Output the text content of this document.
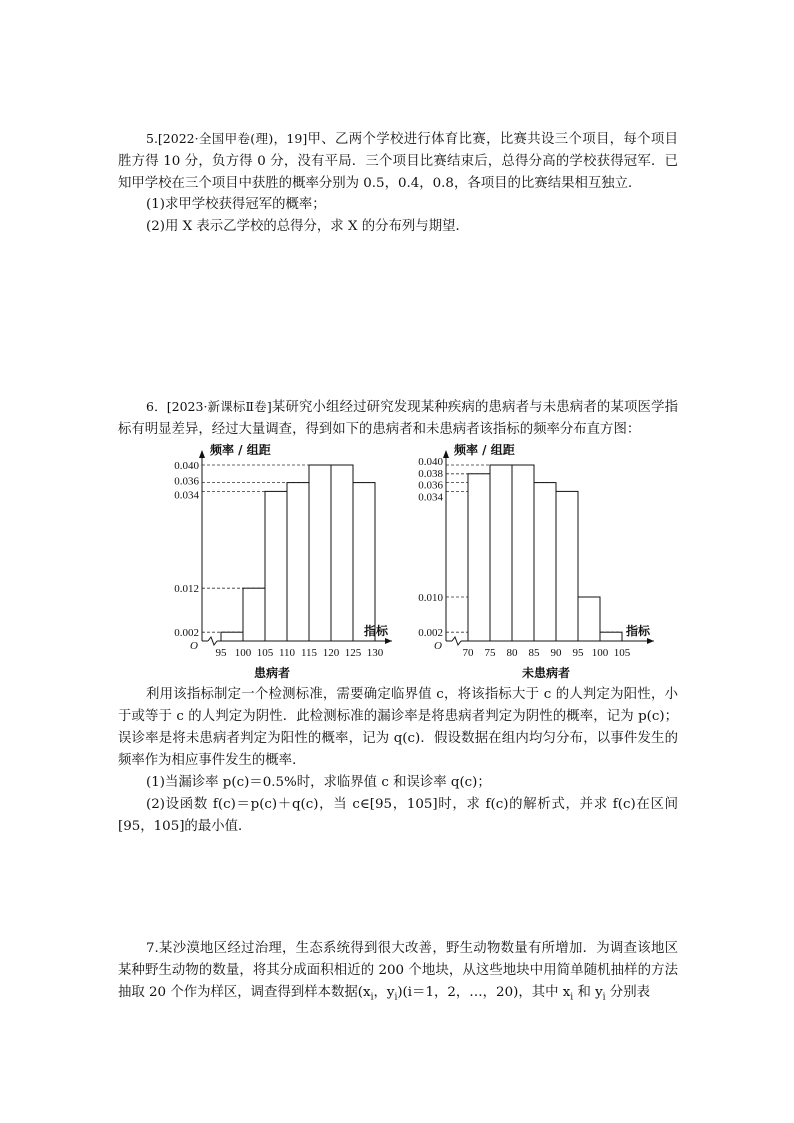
5.[2022·全国甲卷(理)，19]甲、乙两个学校进行体育比赛，比赛共设三个项目，每个项目胜方得 10 分，负方得 0 分，没有平局．三个项目比赛结束后，总得分高的学校获得冠军．已知甲学校在三个项目中获胜的概率分别为 0.5，0.4，0.8，各项目的比赛结果相互独立．

(1)求甲学校获得冠军的概率；

(2)用 X 表示乙学校的总得分，求 X 的分布列与期望．

6．[2023·新课标Ⅱ卷]某研究小组经过研究发现某种疾病的患病者与未患病者的某项医学指标有明显差异，经过大量调查，得到如下的患病者和未患病者该指标的频率分布直方图：

0.002
0.012
0.034
0.036
0.040
95 100 105 110 115 120 125 130
O
频率 / 组距
指标
患病者
0.002
0.010
0.034
0.036
0.038
0.040
70 75 80 85 90 95 100 105
O
频率 / 组距
指标
未患病者

利用该指标制定一个检测标准，需要确定临界值 c，将该指标大于 c 的人判定为阳性，小于或等于 c 的人判定为阴性．此检测标准的漏诊率是将患病者判定为阴性的概率，记为 p(c)；误诊率是将未患病者判定为阳性的概率，记为 q(c)．假设数据在组内均匀分布，以事件发生的频率作为相应事件发生的概率．

(1)当漏诊率 p(c)＝0.5%时，求临界值 c 和误诊率 q(c)；

(2)设函数 f(c)＝p(c)＋q(c)，当 c∈[95，105]时，求 f(c)的解析式，并求 f(c)在区间[95，105]的最小值．

7.某沙漠地区经过治理，生态系统得到很大改善，野生动物数量有所增加．为调查该地区某种野生动物的数量，将其分成面积相近的 200 个地块，从这些地块中用简单随机抽样的方法抽取 20 个作为样区，调查得到样本数据($x_i$，$y_i)(i=1$，2，…，20)，其中 $x_i$ 和 $y_i$ 分别表
